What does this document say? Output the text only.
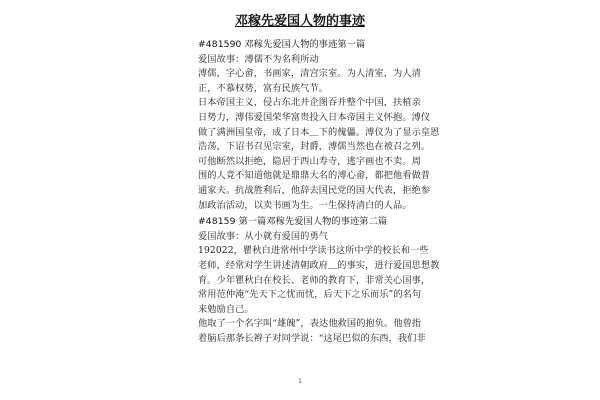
邓稼先爱国人物的事迹
#481590 邓稼先爱国人物的事迹第一篇
爱国故事：溥儒不为名利所动
溥儒，字心畲，书画家，清宫宗室。为人清室，为人清
正，不慕权势，富有民族气节。
日本帝国主义，侵占东北并企图吞并整个中国，扶植亲
日势力，溥伟爱国荣华富贵投入日本帝国主义怀抱。溥仪
做了满洲国皇帝，成了日本＿下的傀儡。溥仪为了显示皇恩
浩荡，下诏书召见宗室，封爵，溥儒当然也在被召之列。
可他断然以拒绝，隐居于西山寿寺，逃字画也不卖。周
围的人竟不知道他就是鼎鼎大名的溥心畲，都把他看做普
通家夫。抗战胜利后，他辞去国民党的国大代表，拒绝参
加政治活动，以卖书画为生。一生保持清白的人品。
#48159 第一篇邓稼先爱国人物的事迹第二篇
爱国故事：从小就有爱国的勇气
192022，瞿秋白进常州中学读书这所中学的校长和一些
老师，经常对学生讲述清朝政府＿的事实，进行爱国思想教
育。少年瞿秋白在校长、老师的教育下，非常关心国事，
常用范仲淹“先天下之忧而忧，后天下之乐而乐”的名句
来勉励自己。
他取了一个名字叫“雄魄”，表达他救国的抱负。他曾指
着脑后那条长辫子对同学说：“这尾巴似的东西，我们非
1
